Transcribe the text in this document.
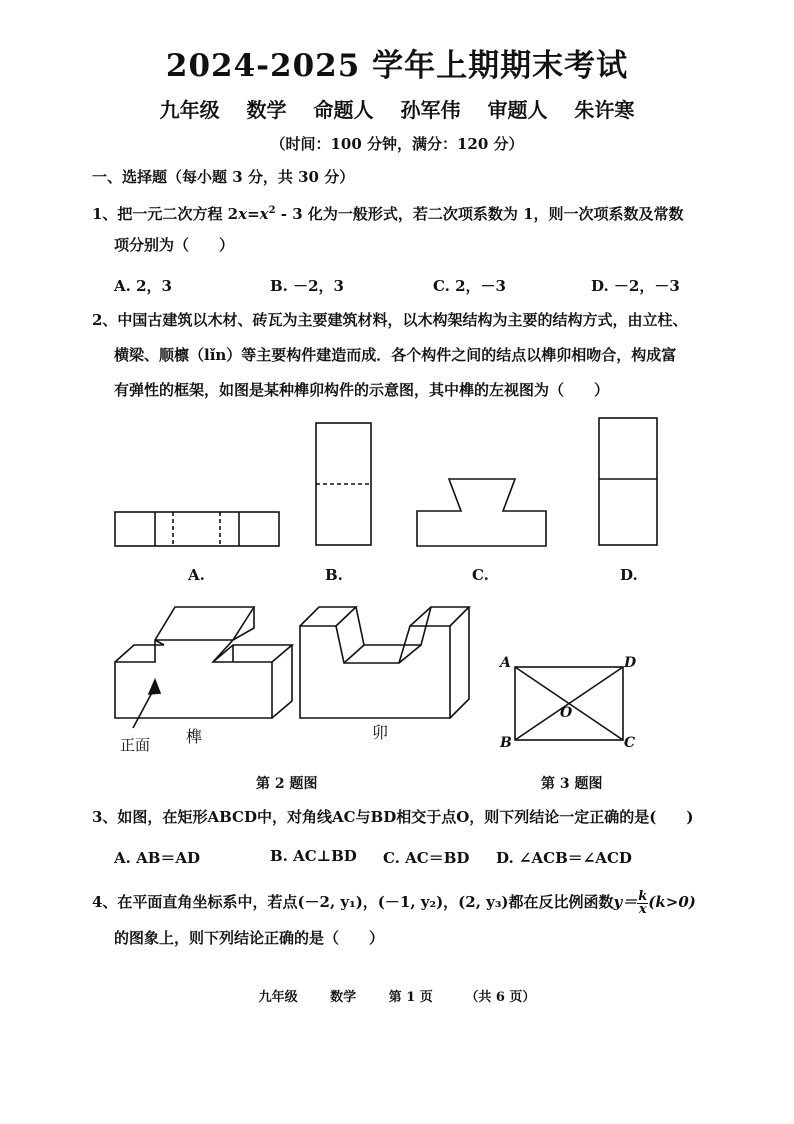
2024-2025 学年上期期末考试
九年级 数学 命题人 孙军伟 审题人 朱许寒
（时间：100 分钟，满分：120 分）
一、选择题（每小题 3 分，共 30 分）
1、把一元二次方程 $2x=x^2 - 3$ 化为一般形式，若二次项系数为 1，则一次项系数及常数
项分别为（　　）
A. 2，3	B. －2，3	C. 2，－3	D. －2，－3
2、中国古建筑以木材、砖瓦为主要建筑材料，以木构架结构为主要的结构方式，由立柱、
横梁、顺檩（lǐn）等主要构件建造而成．各个构件之间的结点以榫卯相吻合，构成富
有弹性的框架，如图是某种榫卯构件的示意图，其中榫的左视图为（　　）
A.	B.	C.	D.
正面 榫	卯
A	D
O
B	C
第 2 题图	第 3 题图
3、如图，在矩形ABCD中，对角线AC与BD相交于点O，则下列结论一定正确的是(　　)
A. AB＝AD	B. AC⊥BD C. AC＝BD D. ∠ACB＝∠ACD
4、在平面直角坐标系中，若点(－2, y₁)，(－1, y₂)，(2, y₃)都在反比例函数$y= \frac{k}{x} (k>0)$
的图象上，则下列结论正确的是（　　）
九年级	数学	第 1 页	（共 6 页）
